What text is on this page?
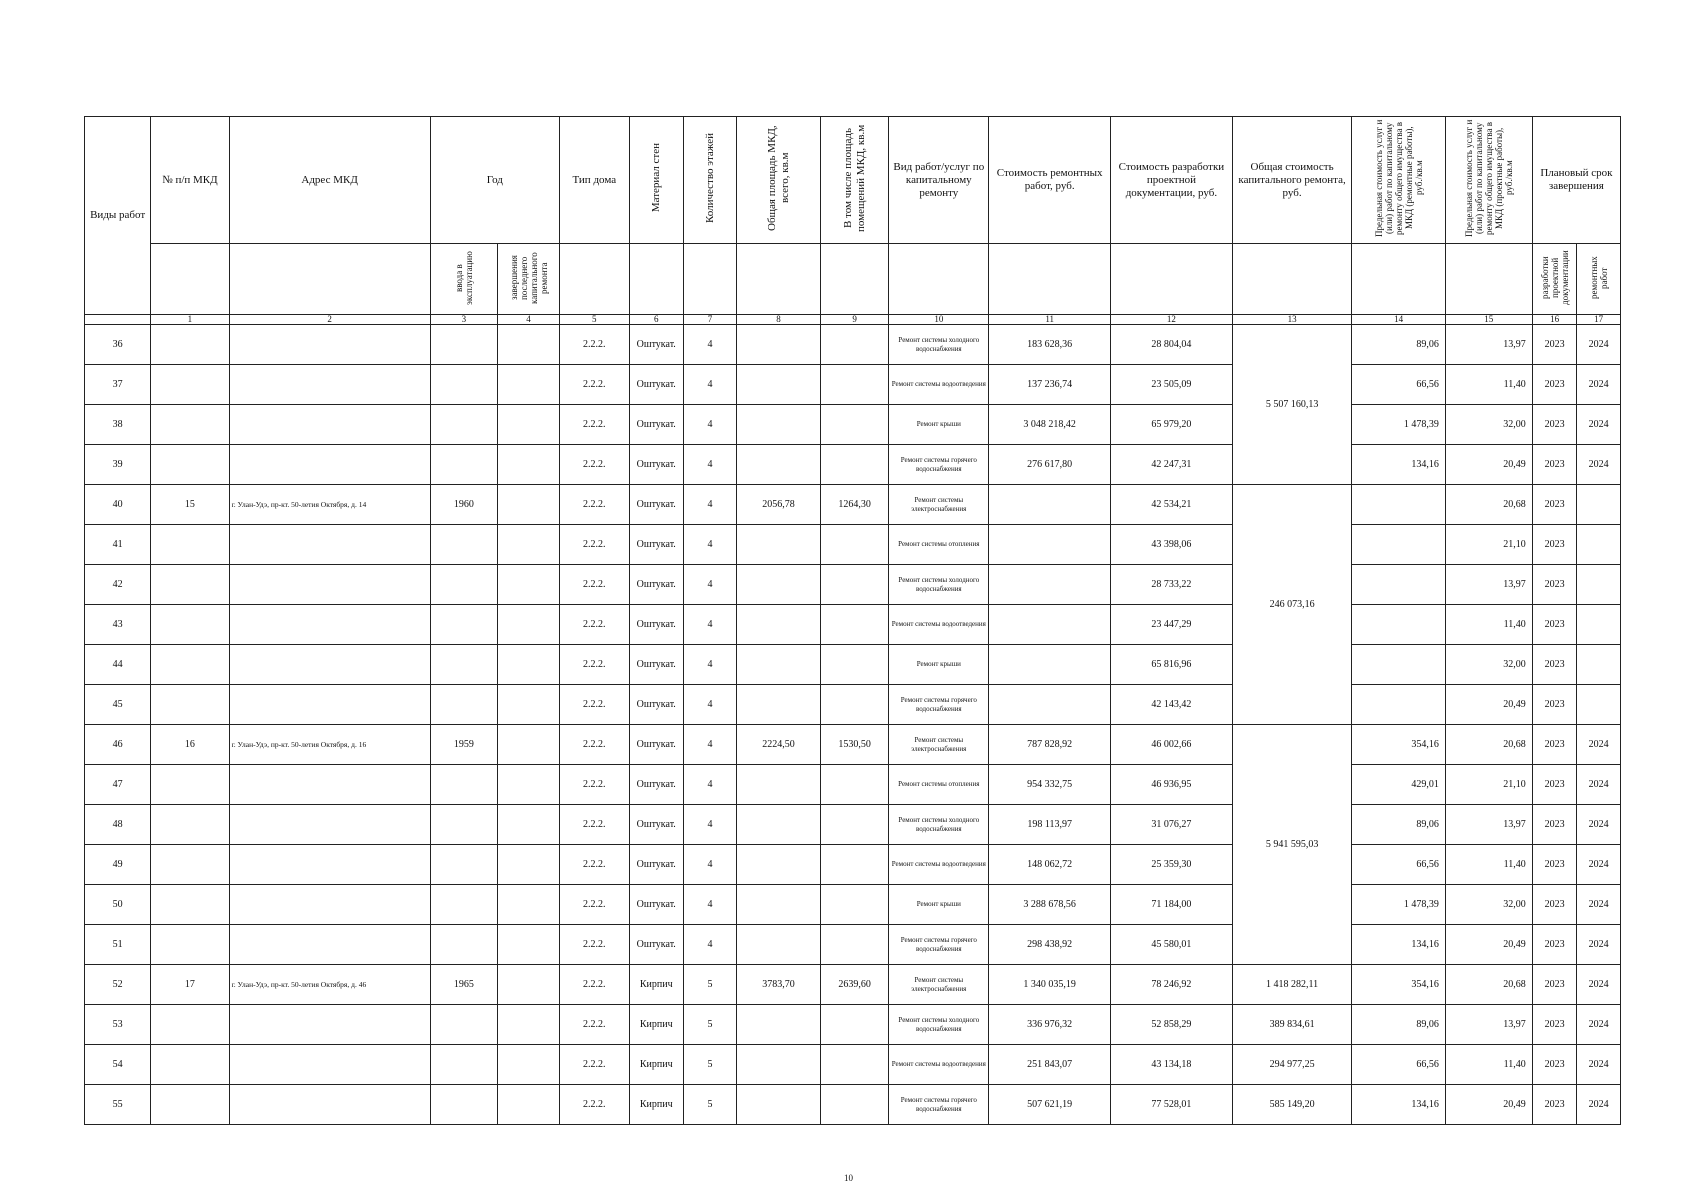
Виды работ	№ п/п МКД	Адрес МКД	Год		Тип дома	Материал стен	Количество этажей	Общая площадь МКД, всего, кв.м	В том числе площадь помещений МКД, кв.м	Вид работ/услуг по капитальному ремонту	Стоимость ремонтных работ, руб.	Стоимость разработки проектной документации, руб.	Общая стоимость капитального ремонта, руб.	Предельная стоимость услуг и (или) работ по капитальному ремонту общего имущества в МКД (ремонтные работы), руб./кв.м	Предельная стоимость услуг и (или) работ по капитальному ремонту общего имущества в МКД (проектные работы), руб./кв.м	Плановый срок завершения	
			ввода в эксплуатацию	завершения последнего капитального ремонта												разработки проектной документации	ремонтных работ
	1	2	3	4	5	6	7	8	9	10	11	12	13	14	15	16	17
36					2.2.2.	Оштукат.	4			Ремонт системы холодного водоснабжения	183 628,36	28 804,04	5 507 160,13	89,06	13,97	2023	2024
37					2.2.2.	Оштукат.	4			Ремонт системы водоотведения	137 236,74	23 505,09		66,56	11,40	2023	2024
38					2.2.2.	Оштукат.	4			Ремонт крыши	3 048 218,42	65 979,20		1 478,39	32,00	2023	2024
39					2.2.2.	Оштукат.	4			Ремонт системы горячего водоснабжения	276 617,80	42 247,31		134,16	20,49	2023	2024
40	15	г. Улан-Удэ, пр-кт. 50-летия Октября, д. 14	1960		2.2.2.	Оштукат.	4	2056,78	1264,30	Ремонт системы электроснабжения		42 534,21	246 073,16		20,68	2023	
41					2.2.2.	Оштукат.	4			Ремонт системы отопления		43 398,06			21,10	2023	
42					2.2.2.	Оштукат.	4			Ремонт системы холодного водоснабжения		28 733,22			13,97	2023	
43					2.2.2.	Оштукат.	4			Ремонт системы водоотведения		23 447,29			11,40	2023	
44					2.2.2.	Оштукат.	4			Ремонт крыши		65 816,96			32,00	2023	
45					2.2.2.	Оштукат.	4			Ремонт системы горячего водоснабжения		42 143,42			20,49	2023	
46	16	г. Улан-Удэ, пр-кт. 50-летия Октября, д. 16	1959		2.2.2.	Оштукат.	4	2224,50	1530,50	Ремонт системы электроснабжения	787 828,92	46 002,66	5 941 595,03	354,16	20,68	2023	2024
47					2.2.2.	Оштукат.	4			Ремонт системы отопления	954 332,75	46 936,95		429,01	21,10	2023	2024
48					2.2.2.	Оштукат.	4			Ремонт системы холодного водоснабжения	198 113,97	31 076,27		89,06	13,97	2023	2024
49					2.2.2.	Оштукат.	4			Ремонт системы водоотведения	148 062,72	25 359,30		66,56	11,40	2023	2024
50					2.2.2.	Оштукат.	4			Ремонт крыши	3 288 678,56	71 184,00		1 478,39	32,00	2023	2024
51					2.2.2.	Оштукат.	4			Ремонт системы горячего водоснабжения	298 438,92	45 580,01		134,16	20,49	2023	2024
52	17	г. Улан-Удэ, пр-кт. 50-летия Октября, д. 46	1965		2.2.2.	Кирпич	5	3783,70	2639,60	Ремонт системы электроснабжения	1 340 035,19	78 246,92	1 418 282,11	354,16	20,68	2023	2024
53					2.2.2.	Кирпич	5			Ремонт системы холодного водоснабжения	336 976,32	52 858,29	389 834,61	89,06	13,97	2023	2024
54					2.2.2.	Кирпич	5			Ремонт системы водоотведения	251 843,07	43 134,18	294 977,25	66,56	11,40	2023	2024
55					2.2.2.	Кирпич	5			Ремонт системы горячего водоснабжения	507 621,19	77 528,01	585 149,20	134,16	20,49	2023	2024
10
